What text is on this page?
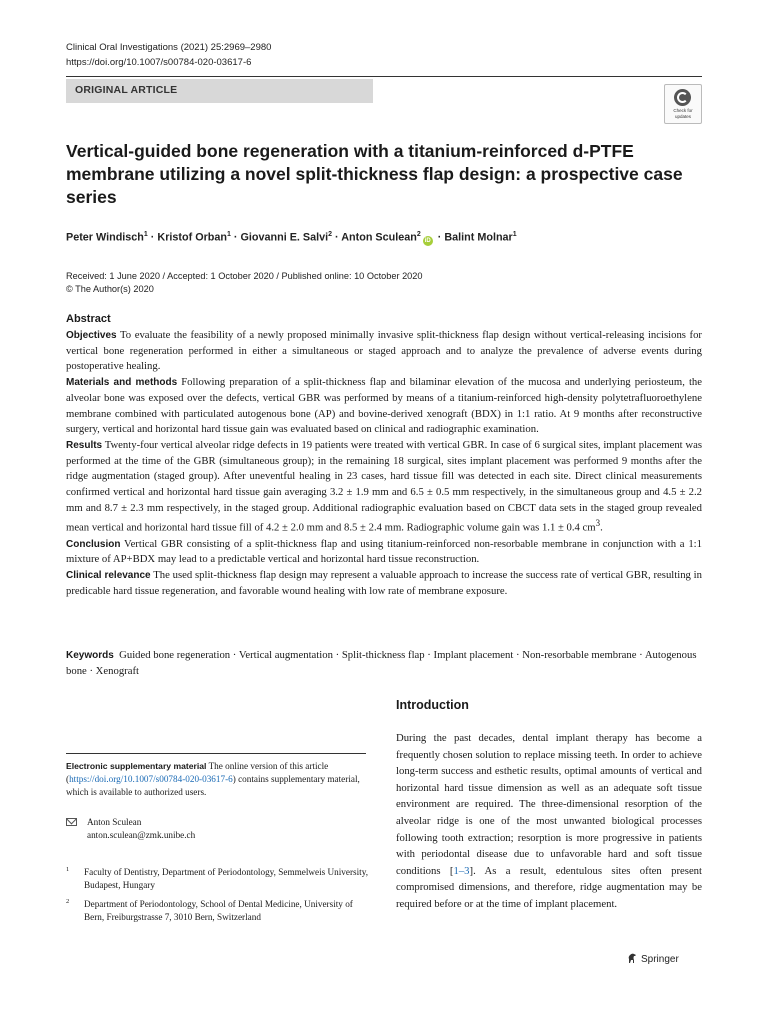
Clinical Oral Investigations (2021) 25:2969–2980
https://doi.org/10.1007/s00784-020-03617-6
ORIGINAL ARTICLE
Check for
updates
Vertical-guided bone regeneration with a titanium-reinforced d-PTFE membrane utilizing a novel split-thickness flap design: a prospective case series
Peter Windisch$^1$ · Kristof Orban$^1$ · Giovanni E. Salvi$^2$ · Anton Sculean$^2$iD · Balint Molnar$^1$
Received: 1 June 2020 / Accepted: 1 October 2020 / Published online: 10 October 2020
© The Author(s) 2020
Abstract

Objectives To evaluate the feasibility of a newly proposed minimally invasive split-thickness flap design without vertical-releasing incisions for vertical bone regeneration performed in either a simultaneous or staged approach and to analyze the prevalence of adverse events during postoperative healing.

Materials and methods Following preparation of a split-thickness flap and bilaminar elevation of the mucosa and underlying periosteum, the alveolar bone was exposed over the defects, vertical GBR was performed by means of a titanium-reinforced high-density polytetrafluoroethylene membrane combined with particulated autogenous bone (AP) and bovine-derived xenograft (BDX) in 1:1 ratio. At 9 months after reconstructive surgery, vertical and horizontal hard tissue gain was evaluated based on clinical and radiographic examination.

Results Twenty-four vertical alveolar ridge defects in 19 patients were treated with vertical GBR. In case of 6 surgical sites, implant placement was performed at the time of the GBR (simultaneous group); in the remaining 18 surgical, sites implant placement was performed 9 months after the ridge augmentation (staged group). After uneventful healing in 23 cases, hard tissue fill was detected in each site. Direct clinical measurements confirmed vertical and horizontal hard tissue gain averaging 3.2 ± 1.9 mm and 6.5 ± 0.5 mm respectively, in the simultaneous group and 4.5 ± 2.2 mm and 8.7 ± 2.3 mm respectively, in the staged group. Additional radiographic evaluation based on CBCT data sets in the staged group revealed mean vertical and horizontal hard tissue fill of 4.2 ± 2.0 mm and 8.5 ± 2.4 mm. Radiographic volume gain was 1.1 ± 0.4 $cm^3$.

Conclusion Vertical GBR consisting of a split-thickness flap and using titanium-reinforced non-resorbable membrane in conjunction with a 1:1 mixture of AP+BDX may lead to a predictable vertical and horizontal hard tissue reconstruction.

Clinical relevance The used split-thickness flap design may represent a valuable approach to increase the success rate of vertical GBR, resulting in predicable hard tissue regeneration, and favorable wound healing with low rate of membrane exposure.

Keywords Guided bone regeneration · Vertical augmentation · Split-thickness flap · Implant placement · Non-resorbable membrane · Autogenous bone · Xenograft
Introduction

During the past decades, dental implant therapy has become a frequently chosen solution to replace missing teeth. In order to achieve long-term success and esthetic results, optimal amounts of vertical and horizontal hard tissue dimension as well as an adequate soft tissue environment are required. The three-dimensional resorption of the alveolar ridge is one of the most unwanted biological processes following tooth extraction; resorption is more progressive in patients with periodontal disease due to unfavorable hard and soft tissue conditions [1–3]. As a result, edentulous sites often present compromised dimensions, and therefore, ridge augmentation may be required before or at the time of implant placement.

Electronic supplementary material The online version of this article (https://doi.org/10.1007/s00784-020-03617-6) contains supplementary material, which is available to authorized users.

Anton Sculean
anton.sculean@zmk.unibe.ch
1 Faculty of Dentistry, Department of Periodontology, Semmelweis University, Budapest, Hungary
2 Department of Periodontology, School of Dental Medicine, University of Bern, Freiburgstrasse 7, 3010 Bern, Switzerland
Springer
